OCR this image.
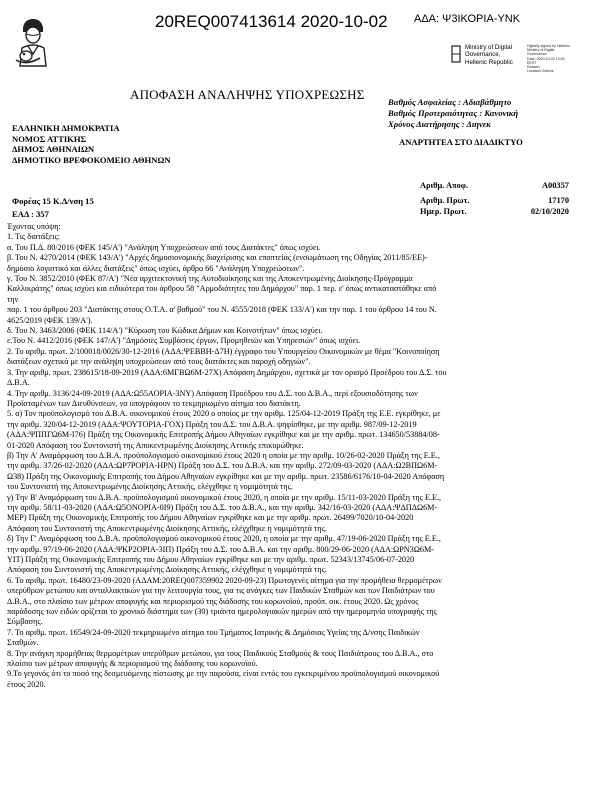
20REQ007413614 2020-10-02 ΑΔΑ: Ψ3ΙΚΟΡΙΑ-ΥΝΚ
Ministry of Digital
Governance,
Hellenic Republic
Digitally signed by Hellenic
Ministry of Digital
Governance
Date: 2020.10.02 13:00
EEST
Reason:
Location: Athens
ΑΠΟΦΑΣΗ ΑΝΑΛΗΨΗΣ ΥΠΟΧΡΕΩΣΗΣ	Βαθμός Ασφαλείας : Αδιαβάθμητο
Βαθμός Προτεραιότητας : Κανονική
Χρόνος Διατήρησης : Διηνεκ
ΕΛΛΗΝΙΚΗ ΔΗΜΟΚΡΑΤΙΑ
ΝΟΜΟΣ ΑΤΤΙΚΗΣ
ΔΗΜΟΣ ΑΘΗΝΑΙΩΝ
ΔΗΜΟΤΙΚΟ ΒΡΕΦΟΚΟΜΕΙΟ ΑΘΗΝΩΝ
ΑΝΑΡΤΗΤΕΑ ΣΤΟ ΔΙΑΔΙΚΤΥΟ
Αριθμ. Αποφ.	Α00357
Αριθμ. Πρωτ.	17170
Ημερ. Πρωτ.	02/10/2020
Φορέας 15 Κ.Δ/νση 15
ΕΑΔ : 357
Έχοντας υπόψη:
1. Τις διατάξεις:
α. Του Π.Δ. 80/2016 (ΦΕΚ 145/Α') "Ανάληψη Υποχρεώσεων από τους Διατάκτες" όπως ισχύει.
β. Του Ν. 4270/2014 (ΦΕΚ 143/Α') "Αρχές δημοσιονομικής διαχείρισης και εποπτείας (ενσωμάτωση της Οδηγίας 2011/85/ΕΕ)-
δημόσιο λογιστικό και άλλες διατάξεις" όπως ισχύει, άρθρο 66 "Ανάληψη Υποχρεώσεων".
γ. Του Ν. 3852/2010 (ΦΕΚ 87/Α') "Νέα αρχιτεκτονική της Αυτοδιοίκησης και της Αποκεντρωμένης Διοίκησης-Πρόγραμμα
Καλλικράτης" όπως ισχύει και ειδικότερα του άρθρου 58 "Αρμοδιότητες του Δημάρχου" παρ. 1 περ. ε' όπως αντικαταστάθηκε από
την
παρ. 1 του άρθρου 203 "Διατάκτης στους Ο.Τ.Α. α' βαθμού" του Ν. 4555/2018 (ΦΕΚ 133/Α') και την παρ. 1 του άρθρου 14 του Ν.
4625/2019 (ΦΕΚ 139/Α').
δ. Του Ν. 3463/2006 (ΦΕΚ 114/Α') "Κύρωση του Κώδικα Δήμων και Κοινοτήτων" όπως ισχύει.
ε.Του Ν. 4412/2016 (ΦΕΚ 147/Α') "Δημόσιες Συμβάσεις έργων, Προμηθειών και Υπηρεσιών" όπως ισχύει.
2. Το αριθμ. πρωτ. 2/100018/0026/30-12-2016 (ΑΔΑ:ΨΕΒΒΗ-Δ7Η) έγγραφο του Υπουργείου Οικονομικών με θέμα "Κοινοποίηση
διατάξεων σχετικά με την ανάληψη υποχρεώσεων από τους διατάκτες και παροχή οδηγιών".
3. Την αριθμ. πρωτ. 238615/18-09-2019 (ΑΔΑ:6ΜΓΒΩ6Μ-27Χ) Απόφαση Δημάρχου, σχετικά με τον ορισμό Προέδρου του Δ.Σ. του
Δ.Β.Α.
4. Την αριθμ. 3136/24-09-2019 (ΑΔΑ:Ω55ΑΟΡΙΑ-3ΝΥ) Απόφαση Προέδρου του Δ.Σ. του Δ.Β.Α., περί εξουσιοδότησης των
Προϊσταμένων των Διευθύνσεων, να υπογράφουν το τεκμηριωμένο αίτημα του διατάκτη.
5. α) Τον προϋπολογισμό του Δ.Β.Α. οικονομικού έτους 2020 ο οποίος με την αριθμ. 125/04-12-2019 Πράξη της Ε.Ε. εγκρίθηκε, με
την αριθμ. 320/04-12-2019 (ΑΔΑ:ΨΟΥΤΟΡΙΑ-ΓΟΧ) Πράξη του Δ.Σ. του Δ.Β.Α. ψηφίσθηκε, με την αριθμ. 987/09-12-2019
(ΑΔΑ:ΨΠΠΓΩ6Μ-Ι76) Πράξη της Οικονομικής Επιτροπής Δήμου Αθηναίων εγκρίθηκε και με την αριθμ. πρωτ. 134650/53884/08-
01-2020 Απόφαση του Συντονιστή της Αποκεντρωμένης Διοίκησης Αττικής επικυρώθηκε.
β) Την Α' Αναμόρφωση του Δ.Β.Α. προϋπολογισμού οικονομικού έτους 2020 η οποία με την αριθμ. 10/26-02-2020 Πράξη της Ε.Ε.,
την αριθμ. 37/26-02-2020 (ΑΔΑ:ΩΡ7ΡΟΡΙΑ-ΗΡΝ) Πράξη του Δ.Σ. του Δ.Β.Α. και την αριθμ. 272/09-03-2020 (ΑΔΑ:Ω2ΒΠΩ6Μ-
Ω38) Πράξη της Οικονομικής Επιτροπής του Δήμου Αθηναίων εγκρίθηκε και με την αριθμ. πρωτ. 23586/6176/10-04-2020 Απόφαση
του Συντονιστή της Αποκεντρωμένης Διοίκησης Αττικής, ελέγχθηκε η νομιμότητά της.
γ) Την Β' Αναμόρφωση του Δ.Β.Α. προϋπολογισμού οικονομικού έτους 2020, η οποία με την αριθμ. 15/11-03-2020 Πράξη της Ε.Ε.,
την αριθμ. 58/11-03-2020 (ΑΔΑ:Ω5ΟΝΟΡΙΑ-0Ι9) Πράξη του Δ.Σ. του Δ.Β.Α., και την αριθμ. 342/16-03-2020 (ΑΔΑ:ΨΔΠΔΩ6Μ-
ΜΕΡ) Πράξη της Οικονομικής Επιτροπής του Δήμου Αθηναίων εγκρίθηκε και με την αριθμ. πρωτ. 26499/7020/10-04-2020
Απόφαση του Συντονιστή της Αποκεντρωμένης Διοίκησης Αττικής, ελέγχθηκε η νομιμότητά της.
δ) Την Γ' Αναμόρφωση του Δ.Β.Α. προϋπολογισμού οικονομικού έτους 2020, η οποία με την αριθμ. 47/19-06-2020 Πράξη της Ε.Ε.,
την αριθμ. 97/19-06-2020 (ΑΔΑ:ΨΚΡ2ΟΡΙΑ-3ΙΠ) Πράξη του Δ.Σ. του Δ.Β.Α. και την αριθμ. 800/29-06-2020 (ΑΔΑ:ΩΡΝ3Ω6Μ-
ΥΙΤ) Πράξη της Οικονομικής Επιτροπής του Δήμου Αθηναίων εγκρίθηκε και με την αριθμ. πρωτ. 52343/13745/06-07-2020
Απόφαση του Συντονιστή της Αποκεντρωμένης Διοίκησης Αττικής, ελέγχθηκε η νομιμότητά της.
6. Το αριθμ. πρωτ. 16480/23-09-2020 (ΑΔΑΜ:20REQ007359902 2020-09-23) Πρωτογενές αίτημα για την προμήθεια θερμομέτρων
υπερύθρων μετώπου και ανταλλακτικών για την λειτουργία τους, για τις ανάγκες των Παιδικών Σταθμών και των Παιδιάτρων του
Δ.Β.Α., στο πλαίσιο των μέτρων αποφυγής και περιορισμού της διάδοσης του κορωνοϊού, προϋπ. οικ. έτους 2020. Ως χρόνος
παράδοσης των ειδών ορίζεται το χρονικό διάστημα των (30) τριάντα ημερολογιακών ημερών από την ημερομηνία υπογραφής της
Σύμβασης.
7. Το αριθμ. πρωτ. 16549/24-09-2020 τεκμηριωμένο αίτημα του Τμήματος Ιατρικής & Δημόσιας Υγείας της Δ/νσης Παιδικών
Σταθμών.
8. Την ανάγκη προμήθειας θερμομέτρων υπερύθρων μετώπου, για τους Παιδικούς Σταθμούς & τους Παιδιάτρους του Δ.Β.Α., στο
πλαίσιο των μέτρων αποφυγής & περιορισμού της διάδοσης του κορωνοϊού.
9.Το γεγονός ότι το ποσό της δεσμευόμενης πίστωσης με την παρούσα, είναι εντός του εγκεκριμένου προϋπολογισμού οικονομικού
έτους 2020.
